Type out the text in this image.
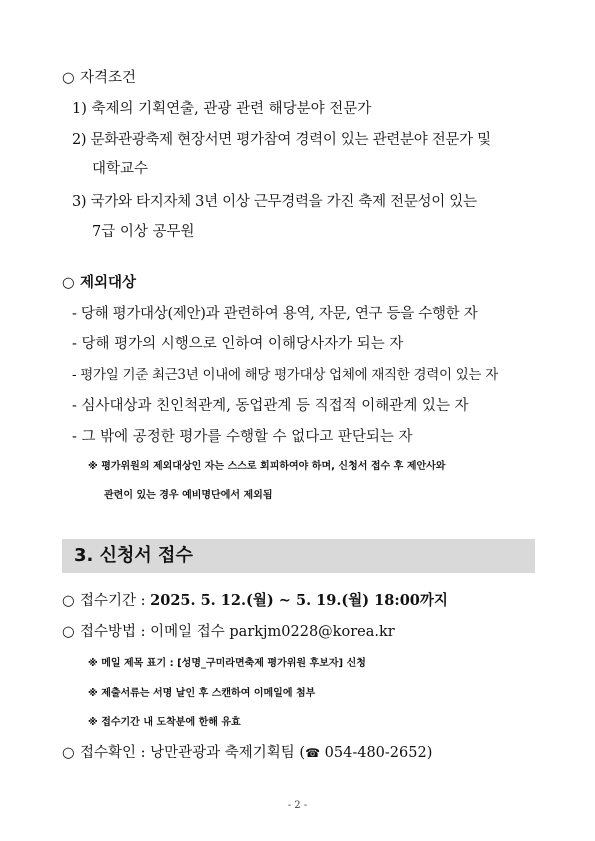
○ 자격조건
1) 축제의 기획연출, 관광 관련 해당분야 전문가
2) 문화관광축제 현장서면 평가참여 경력이 있는 관련분야 전문가 및
대학교수
3) 국가와 타지자체 3년 이상 근무경력을 가진 축제 전문성이 있는
7급 이상 공무원
○ 제외대상
- 당해 평가대상(제안)과 관련하여 용역, 자문, 연구 등을 수행한 자
- 당해 평가의 시행으로 인하여 이해당사자가 되는 자
- 평가일 기준 최근3년 이내에 해당 평가대상 업체에 재직한 경력이 있는 자
- 심사대상과 친인척관계, 동업관계 등 직접적 이해관계 있는 자
- 그 밖에 공정한 평가를 수행할 수 없다고 판단되는 자
※ 평가위원의 제외대상인 자는 스스로 회피하여야 하며, 신청서 접수 후 제안사와
관련이 있는 경우 예비명단에서 제외됨
3. 신청서 접수
○ 접수기간 : 2025. 5. 12.(월) ~ 5. 19.(월) 18:00까지
○ 접수방법 : 이메일 접수 parkjm0228@korea.kr
※ 메일 제목 표기 : [성명_구미라면축제 평가위원 후보자] 신청
※ 제출서류는 서명 날인 후 스캔하여 이메일에 첨부
※ 접수기간 내 도착분에 한해 유효
○ 접수확인 : 낭만관광과 축제기획팀 (☎ 054-480-2652)
- 2 -
